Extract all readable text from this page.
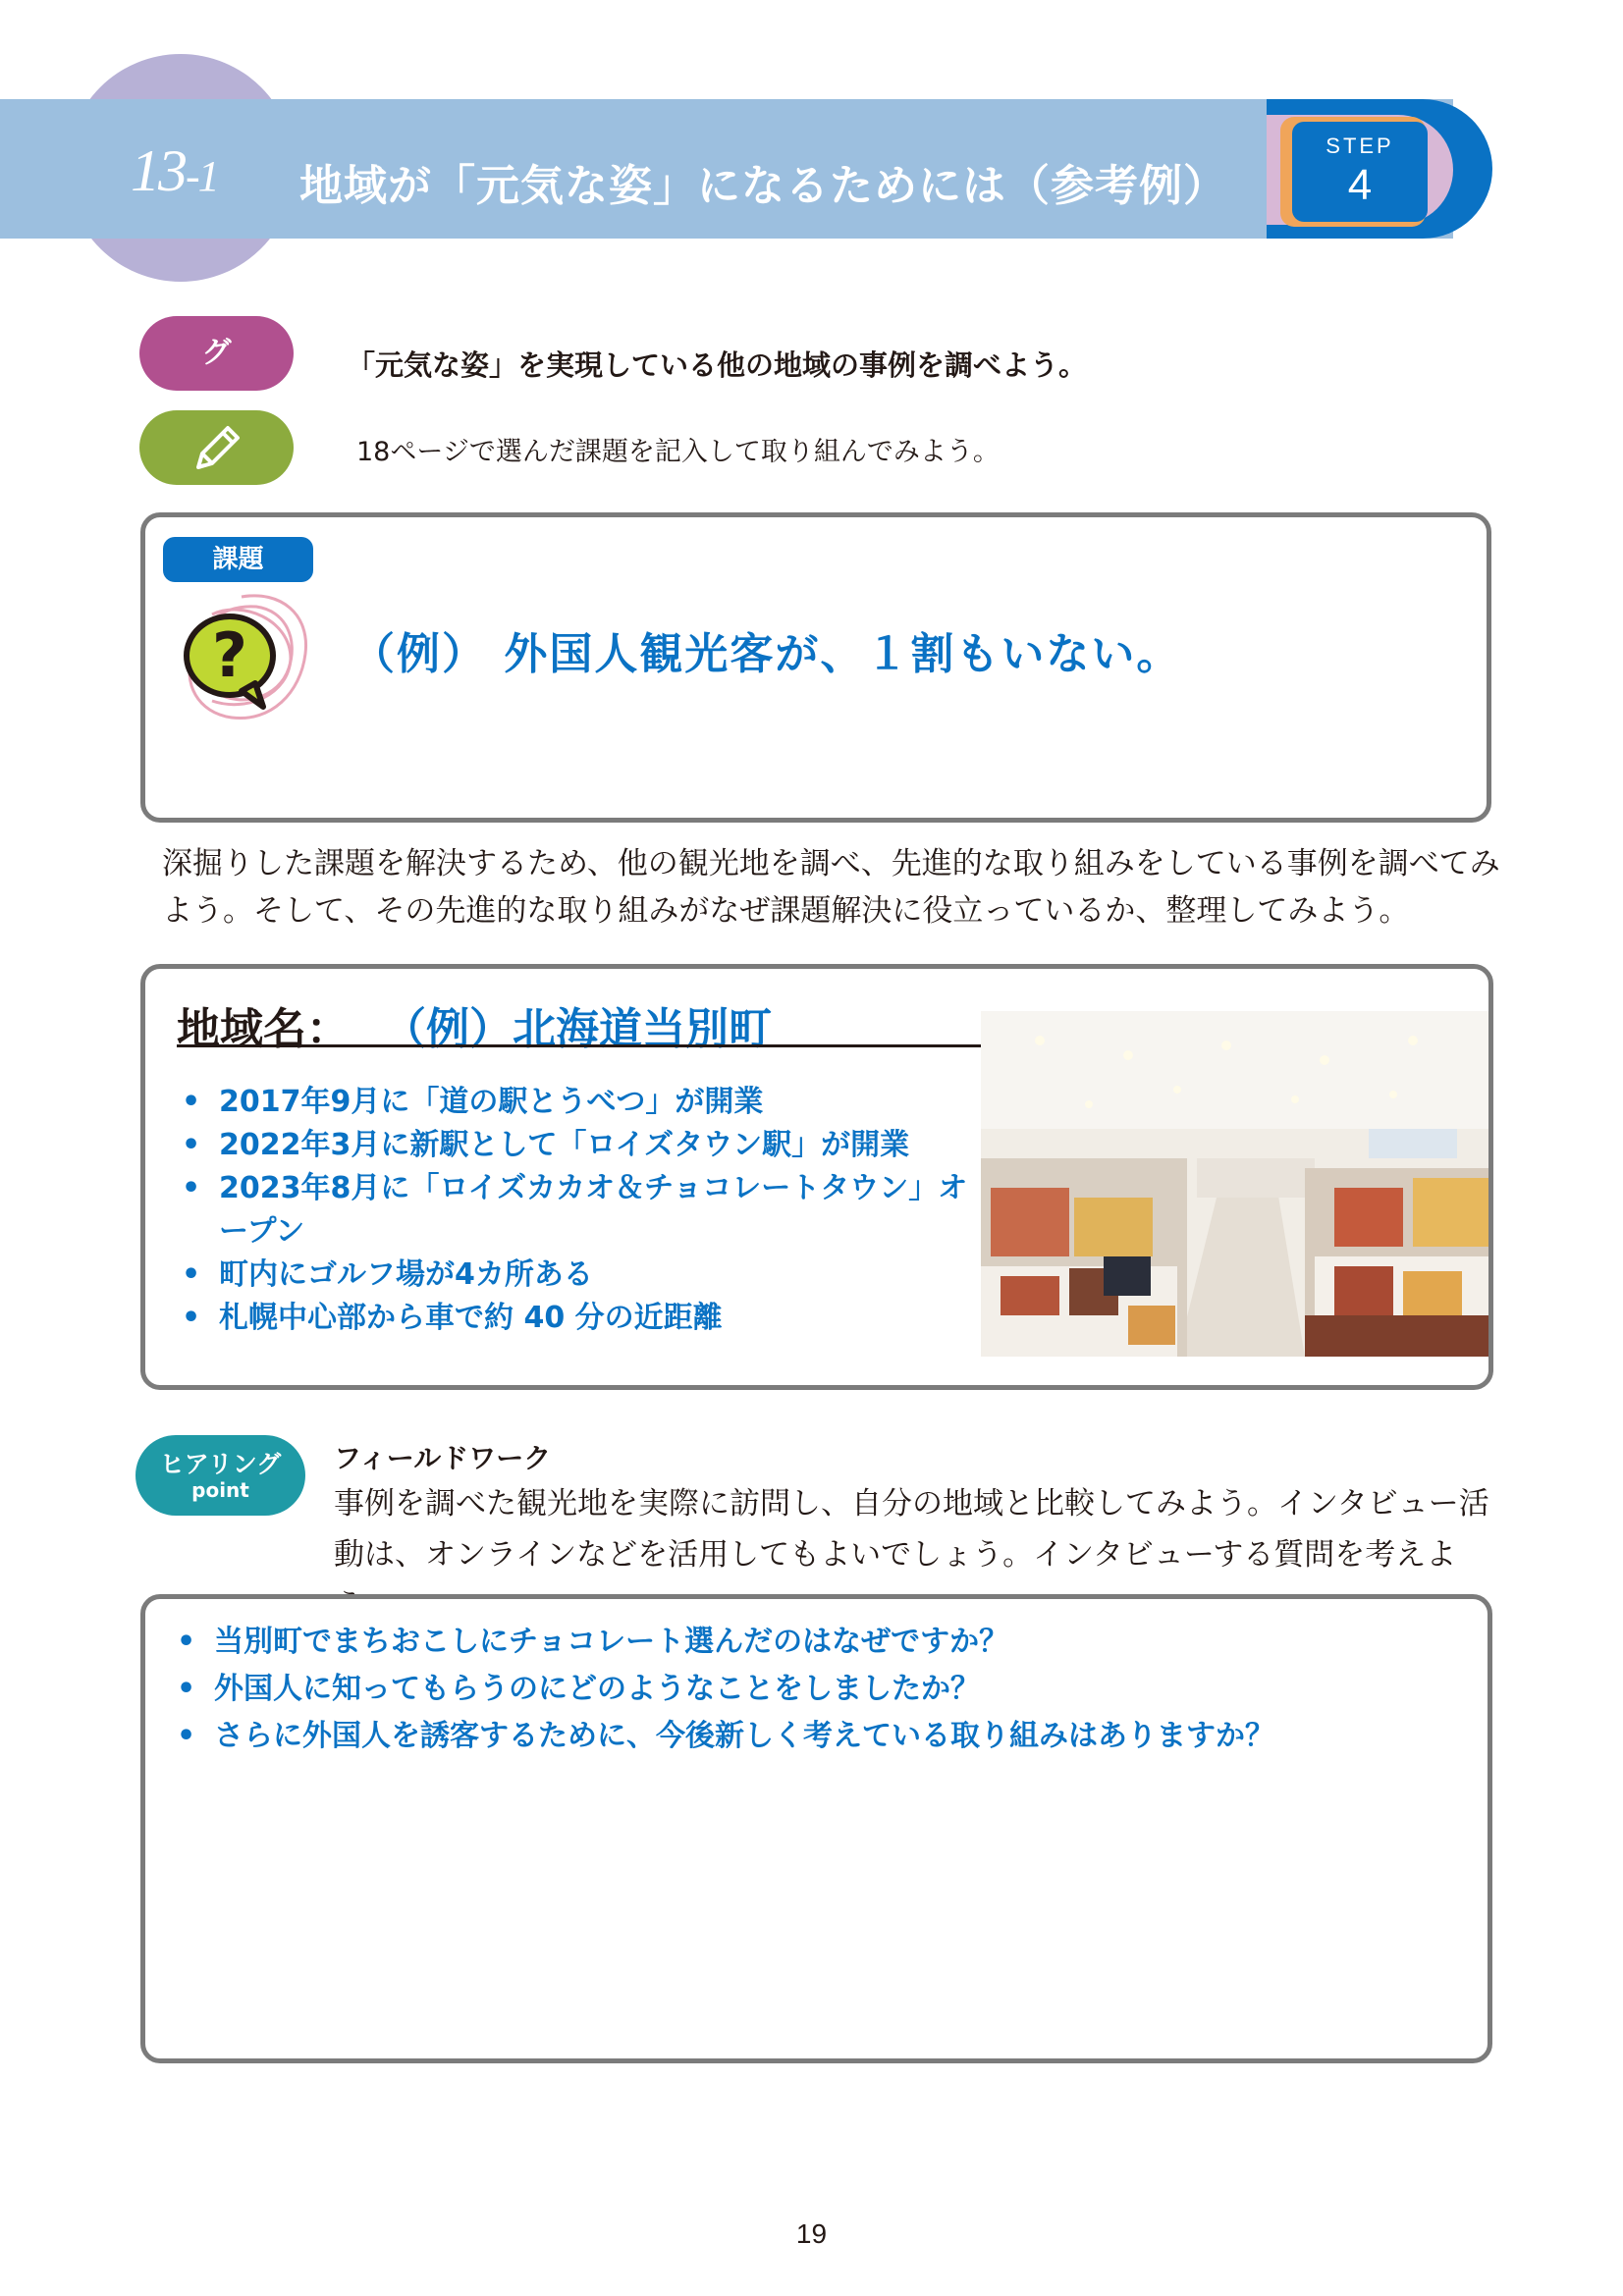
STEP
4
13-1 地域が「元気な姿」になるためには（参考例）
グ	「元気な姿」を実現している他の地域の事例を調べよう。
18ページで選んだ課題を記入して取り組んでみよう。
課題
? （例） 外国人観光客が、１割もいない。
深掘りした課題を解決するため、他の観光地を調べ、先進的な取り組みをしている事例を調べてみよう。そして、その先進的な取り組みがなぜ課題解決に役立っているか、整理してみよう。
地域名： （例）北海道当別町
• 2017年9月に「道の駅とうべつ」が開業
• 2022年3月に新駅として「ロイズタウン駅」が開業
• 2023年8月に「ロイズカカオ＆チョコレートタウン」オープン
• 町内にゴルフ場が4カ所ある
• 札幌中心部から車で約 40 分の近距離
ヒアリング
point
フィールドワーク
事例を調べた観光地を実際に訪問し、自分の地域と比較してみよう。インタビュー活動は、オンラインなどを活用してもよいでしょう。インタビューする質問を考えよ
• 当別町でまちおこしにチョコレート選んだのはなぜですか？
• 外国人に知ってもらうのにどのようなことをしましたか？
• さらに外国人を誘客するために、今後新しく考えている取り組みはありますか？
19
